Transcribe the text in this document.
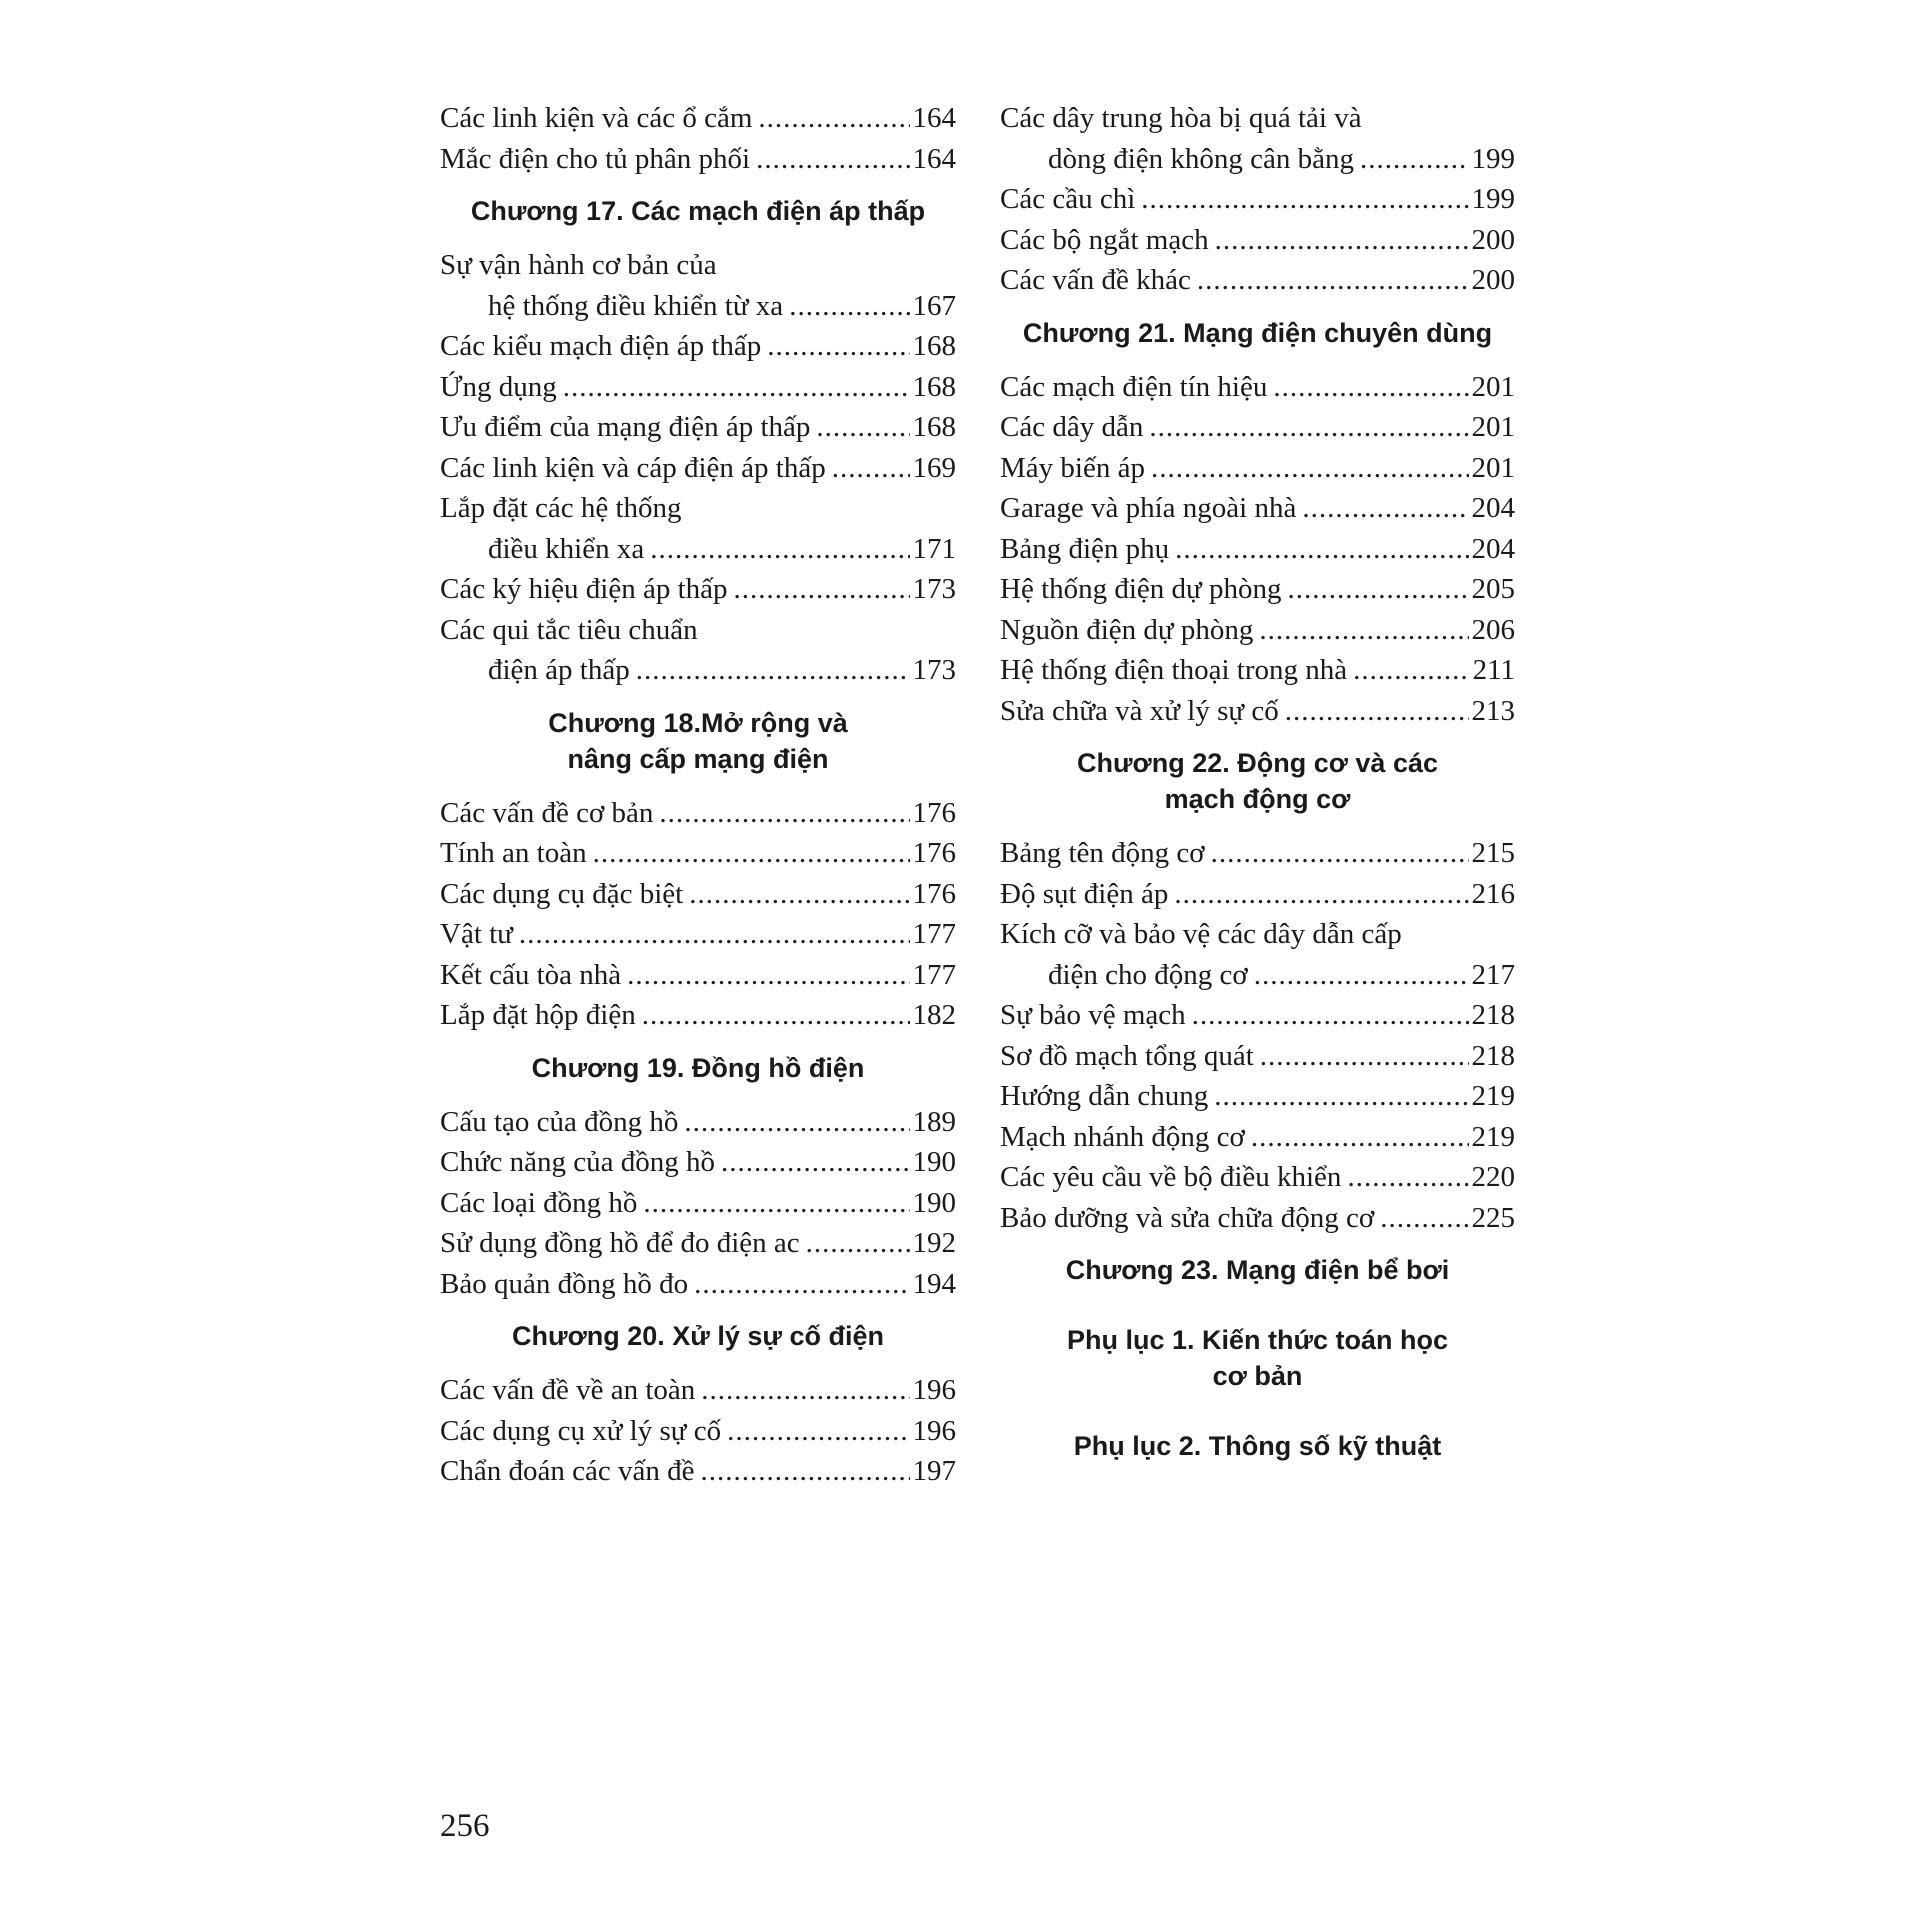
Các linh kiện và các ổ cắm .....	164
Mắc điện cho tủ phân phối .....	164
Chương 17. Các mạch điện áp thấp
Sự vận hành cơ bản của
hệ thống điều khiển từ xa .....	167
Các kiểu mạch điện áp thấp .....	168
Ứng dụng .....	168
Ưu điểm của mạng điện áp thấp .....	168
Các linh kiện và cáp điện áp thấp .....	169
Lắp đặt các hệ thống
điều khiển xa .....	171
Các ký hiệu điện áp thấp .....	173
Các qui tắc tiêu chuẩn
điện áp thấp .....	173
Chương 18.Mở rộng và
nâng cấp mạng điện
Các vấn đề cơ bản .....	176
Tính an toàn .....	176
Các dụng cụ đặc biệt .....	176
Vật tư .....	177
Kết cấu tòa nhà .....	177
Lắp đặt hộp điện .....	182
Chương 19. Đồng hồ điện
Cấu tạo của đồng hồ .....	189
Chức năng của đồng hồ .....	190
Các loại đồng hồ .....	190
Sử dụng đồng hồ để đo điện ac .....	192
Bảo quản đồng hồ đo .....	194
Chương 20. Xử lý sự cố điện
Các vấn đề về an toàn .....	196
Các dụng cụ xử lý sự cố .....	196
Chẩn đoán các vấn đề .....	197
Các dây trung hòa bị quá tải và
dòng điện không cân bằng .....	199
Các cầu chì .....	199
Các bộ ngắt mạch .....	200
Các vấn đề khác .....	200
Chương 21. Mạng điện chuyên dùng
Các mạch điện tín hiệu .....	201
Các dây dẫn .....	201
Máy biến áp .....	201
Garage và phía ngoài nhà .....	204
Bảng điện phụ .....	204
Hệ thống điện dự phòng .....	205
Nguồn điện dự phòng .....	206
Hệ thống điện thoại trong nhà .....	211
Sửa chữa và xử lý sự cố .....	213
Chương 22. Động cơ và các
mạch động cơ
Bảng tên động cơ .....	215
Độ sụt điện áp .....	216
Kích cỡ và bảo vệ các dây dẫn cấp
điện cho động cơ .....	217
Sự bảo vệ mạch .....	218
Sơ đồ mạch tổng quát .....	218
Hướng dẫn chung .....	219
Mạch nhánh động cơ .....	219
Các yêu cầu về bộ điều khiển .....	220
Bảo dưỡng và sửa chữa động cơ .....	225
Chương 23. Mạng điện bể bơi
Phụ lục 1. Kiến thức toán học
cơ bản
Phụ lục 2. Thông số kỹ thuật
256
